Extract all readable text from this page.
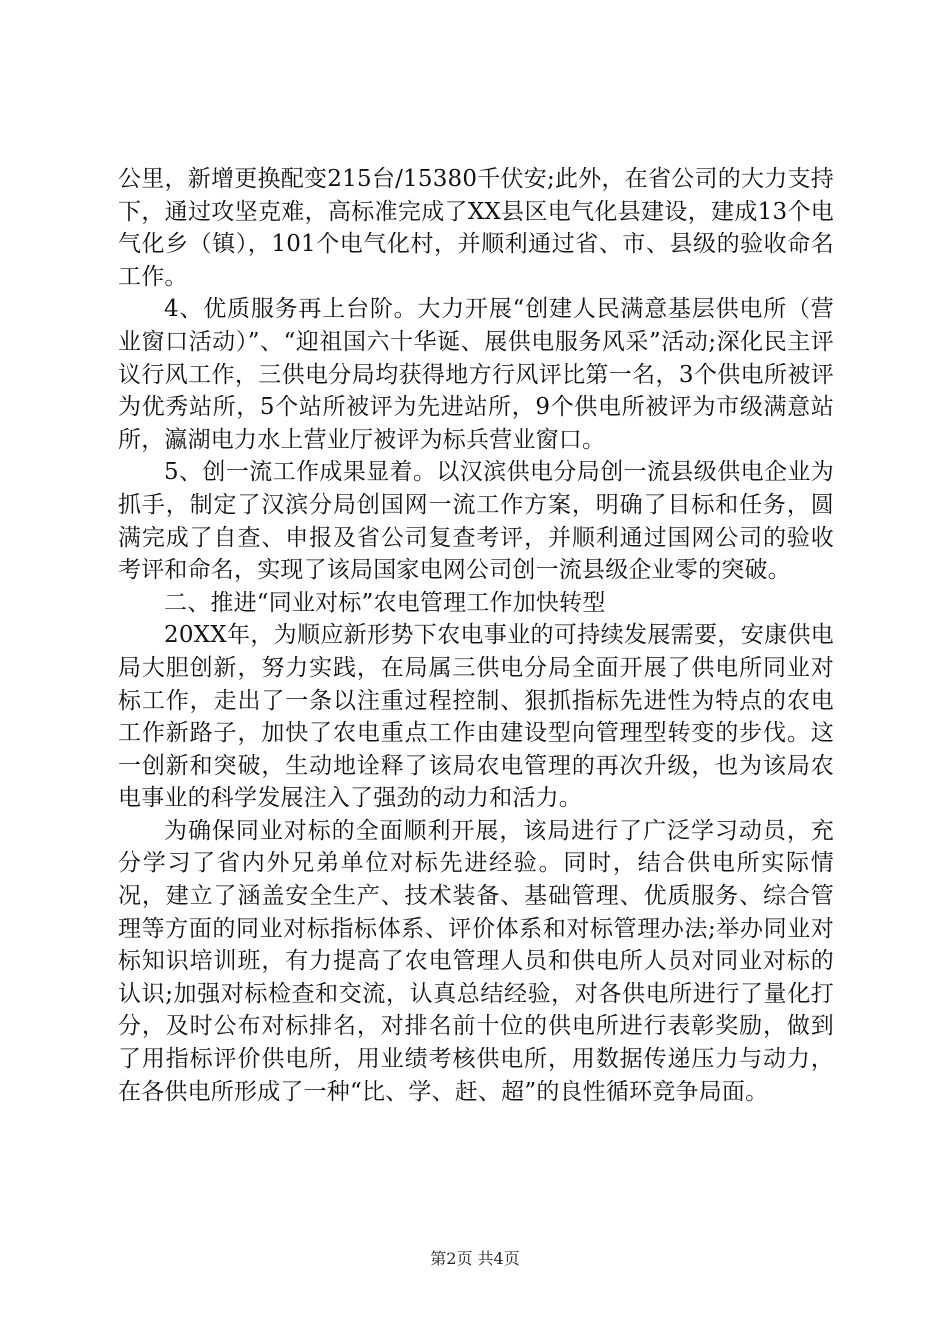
公里，新增更换配变215台/15380千伏安;此外，在省公司的大力支持下，通过攻坚克难，高标准完成了XX县区电气化县建设，建成13个电气化乡（镇），101个电气化村，并顺利通过省、市、县级的验收命名工作。

4、优质服务再上台阶。大力开展“创建人民满意基层供电所（营业窗口活动）”、“迎祖国六十华诞、展供电服务风采”活动;深化民主评议行风工作，三供电分局均获得地方行风评比第一名，3个供电所被评为优秀站所，5个站所被评为先进站所，9个供电所被评为市级满意站所，瀛湖电力水上营业厅被评为标兵营业窗口。

5、创一流工作成果显着。以汉滨供电分局创一流县级供电企业为抓手，制定了汉滨分局创国网一流工作方案，明确了目标和任务，圆满完成了自查、申报及省公司复查考评，并顺利通过国网公司的验收考评和命名，实现了该局国家电网公司创一流县级企业零的突破。

二、推进“同业对标”农电管理工作加快转型

20XX年，为顺应新形势下农电事业的可持续发展需要，安康供电局大胆创新，努力实践，在局属三供电分局全面开展了供电所同业对标工作，走出了一条以注重过程控制、狠抓指标先进性为特点的农电工作新路子，加快了农电重点工作由建设型向管理型转变的步伐。这一创新和突破，生动地诠释了该局农电管理的再次升级，也为该局农电事业的科学发展注入了强劲的动力和活力。

为确保同业对标的全面顺利开展，该局进行了广泛学习动员，充分学习了省内外兄弟单位对标先进经验。同时，结合供电所实际情况，建立了涵盖安全生产、技术装备、基础管理、优质服务、综合管理等方面的同业对标指标体系、评价体系和对标管理办法;举办同业对标知识培训班，有力提高了农电管理人员和供电所人员对同业对标的认识;加强对标检查和交流，认真总结经验，对各供电所进行了量化打分，及时公布对标排名，对排名前十位的供电所进行表彰奖励，做到了用指标评价供电所，用业绩考核供电所，用数据传递压力与动力，在各供电所形成了一种“比、学、赶、超”的良性循环竞争局面。

第2页 共4页
